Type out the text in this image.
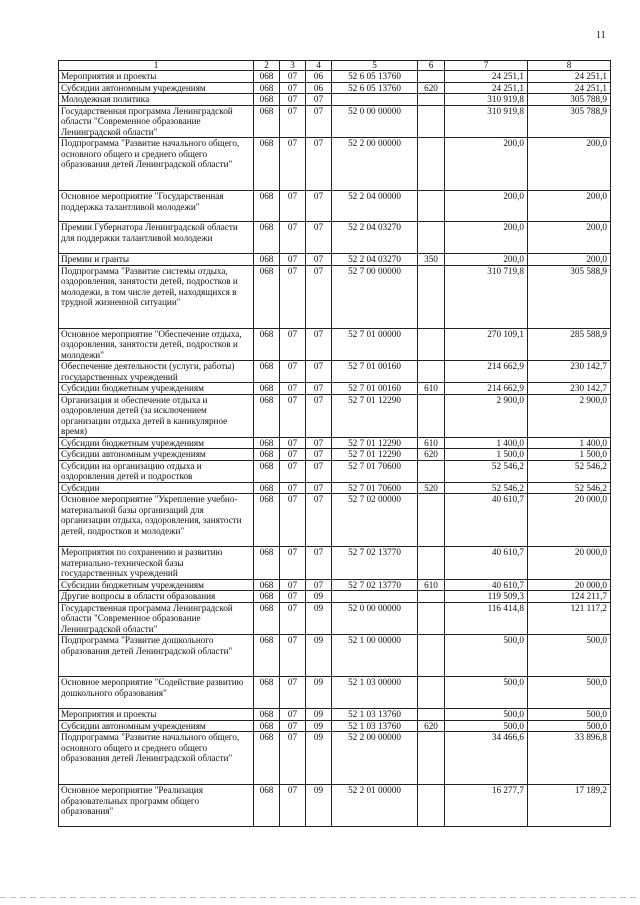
11
1	2	3	4	5	6	7	8
Мероприятия и проекты	068	07	06	52 6 05 13760		24 251,1	24 251,1
Субсидии автономным учреждениям	068	07	06	52 6 05 13760	620	24 251,1	24 251,1
Молодежная политика	068	07	07			310 919,8	305 788,9
Государственная программа Ленинградской области "Современное образование Ленинградской области"	068	07	07	52 0 00 00000		310 919,8	305 788,9
Подпрограмма "Развитие начального общего, основного общего и среднего общего образования детей Ленинградской области"	068	07	07	52 2 00 00000		200,0	200,0
Основное мероприятие "Государственная поддержка талантливой молодежи"	068	07	07	52 2 04 00000		200,0	200,0
Премии Губернатора Ленинградской области для поддержки талантливой молодежи	068	07	07	52 2 04 03270		200,0	200,0
Премии и гранты	068	07	07	52 2 04 03270	350	200,0	200,0
Подпрограмма "Развитие системы отдыха, оздоровления, занятости детей, подростков и молодежи, в том числе детей, находящихся в трудной жизненной ситуации"	068	07	07	52 7 00 00000		310 719,8	305 588,9
Основное мероприятие "Обеспечение отдыха, оздоровления, занятости детей, подростков и молодежи"	068	07	07	52 7 01 00000		270 109,1	285 588,9
Обеспечение деятельности (услуги, работы) государственных учреждений	068	07	07	52 7 01 00160		214 662,9	230 142,7
Субсидии бюджетным учреждениям	068	07	07	52 7 01 00160	610	214 662,9	230 142,7
Организация и обеспечение отдыха и оздоровления детей (за исключением организации отдыха детей в каникулярное время)	068	07	07	52 7 01 12290		2 900,0	2 900,0
Субсидии бюджетным учреждениям	068	07	07	52 7 01 12290	610	1 400,0	1 400,0
Субсидии автономным учреждениям	068	07	07	52 7 01 12290	620	1 500,0	1 500,0
Субсидии на организацию отдыха и оздоровления детей и подростков	068	07	07	52 7 01 70600		52 546,2	52 546,2
Субсидии	068	07	07	52 7 01 70600	520	52 546,2	52 546,2
Основное мероприятие "Укрепление учебно-материальной базы организаций для организации отдыха, оздоровления, занятости детей, подростков и молодежи"	068	07	07	52 7 02 00000		40 610,7	20 000,0
Мероприятия по сохранению и развитию материально-технической базы государственных учреждений	068	07	07	52 7 02 13770		40 610,7	20 000,0
Субсидии бюджетным учреждениям	068	07	07	52 7 02 13770	610	40 610,7	20 000,0
Другие вопросы в области образования	068	07	09			119 509,3	124 211,7
Государственная программа Ленинградской области "Современное образование Ленинградской области"	068	07	09	52 0 00 00000		116 414,8	121 117,2
Подпрограмма "Развитие дошкольного образования детей Ленинградской области"	068	07	09	52 1 00 00000		500,0	500,0
Основное мероприятие "Содействие развитию дошкольного образования"	068	07	09	52 1 03 00000		500,0	500,0
Мероприятия и проекты	068	07	09	52 1 03 13760		500,0	500,0
Субсидии автономным учреждениям	068	07	09	52 1 03 13760	620	500,0	500,0
Подпрограмма "Развитие начального общего, основного общего и среднего общего образования детей Ленинградской области"	068	07	09	52 2 00 00000		34 466,6	33 896,8
Основное мероприятие "Реализация образовательных программ общего образования"	068	07	09	52 2 01 00000		16 277,7	17 189,2
